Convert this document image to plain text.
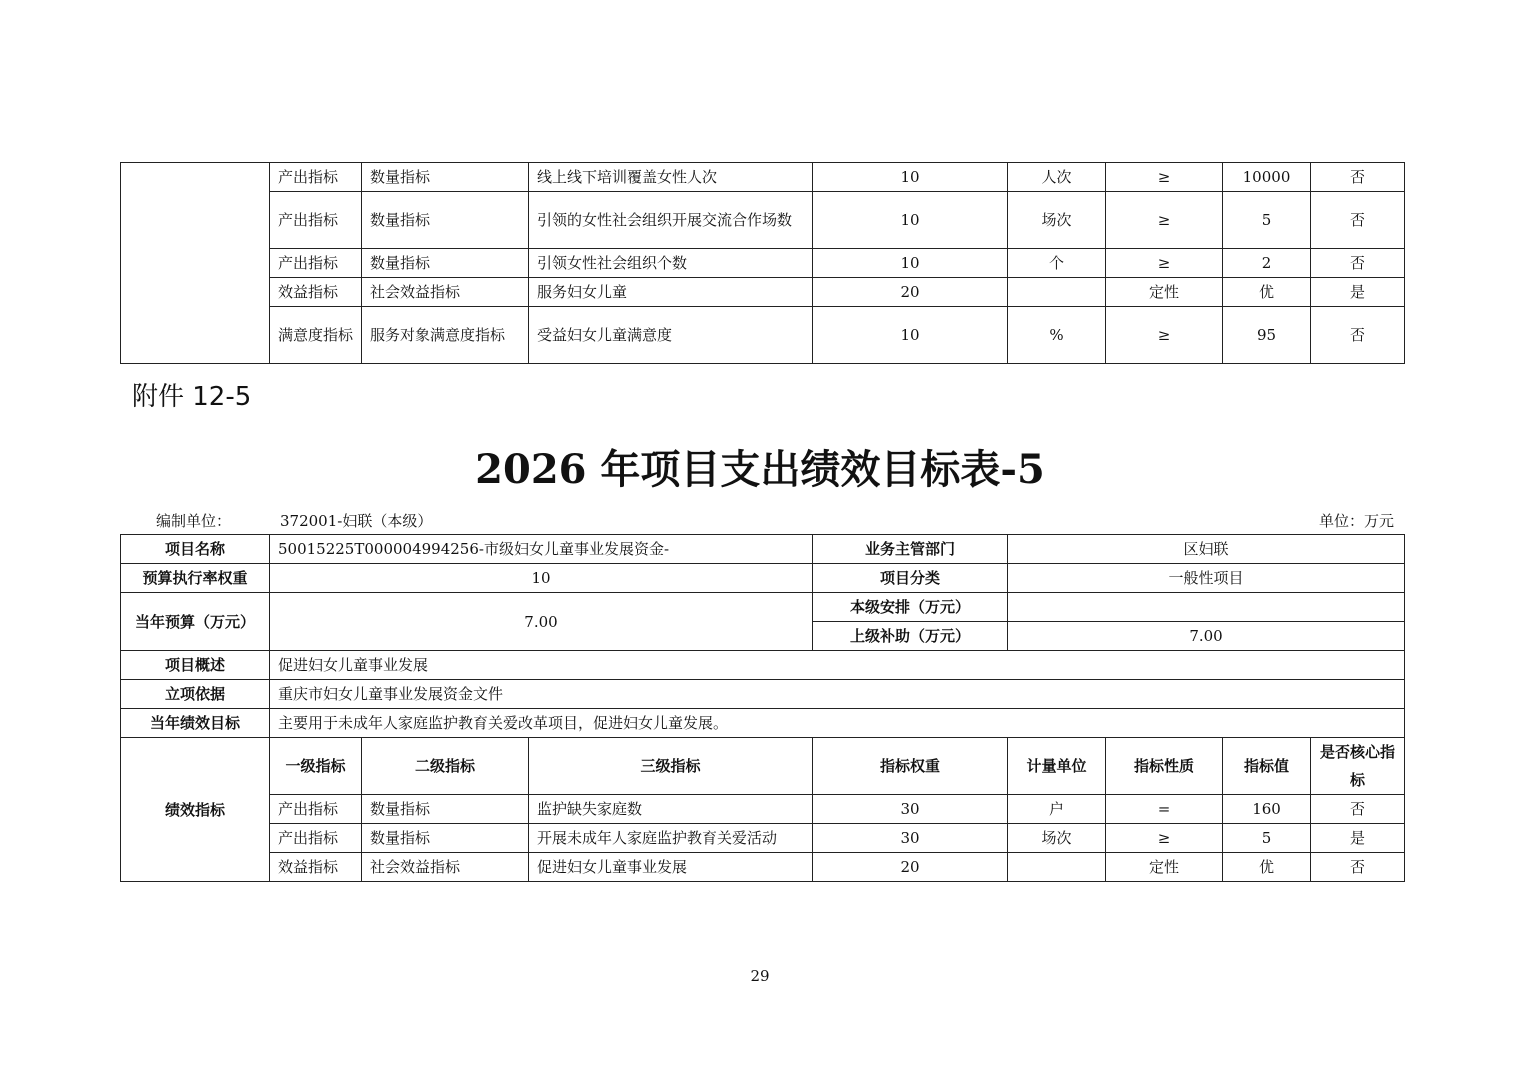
	产出指标	数量指标	线上线下培训覆盖女性人次	10	人次	≥	10000	否
	产出指标	数量指标	引领的女性社会组织开展交流合作场数	10	场次	≥	5	否
	产出指标	数量指标	引领女性社会组织个数	10	个	≥	2	否
	效益指标	社会效益指标	服务妇女儿童	20		定性	优	是
	满意度指标	服务对象满意度指标	受益妇女儿童满意度	10	%	≥	95	否
附件 12-5
2026 年项目支出绩效目标表-5
编制单位：	372001-妇联（本级）	单位：万元
项目名称	50015225T000004994256-市级妇女儿童事业发展资金-			业务主管部门	区妇联			
预算执行率权重	10			项目分类	一般性项目			
当年预算（万元）	7.00			本级安排（万元）				
				上级补助（万元）	7.00			
项目概述	促进妇女儿童事业发展							
立项依据	重庆市妇女儿童事业发展资金文件							
当年绩效目标	主要用于未成年人家庭监护教育关爱改革项目，促进妇女儿童发展。							
绩效指标	一级指标	二级指标	三级指标	指标权重	计量单位	指标性质	指标值	是否核心指标
	产出指标	数量指标	监护缺失家庭数	30	户	=	160	否
	产出指标	数量指标	开展未成年人家庭监护教育关爱活动	30	场次	≥	5	是
	效益指标	社会效益指标	促进妇女儿童事业发展	20		定性	优	否
29
